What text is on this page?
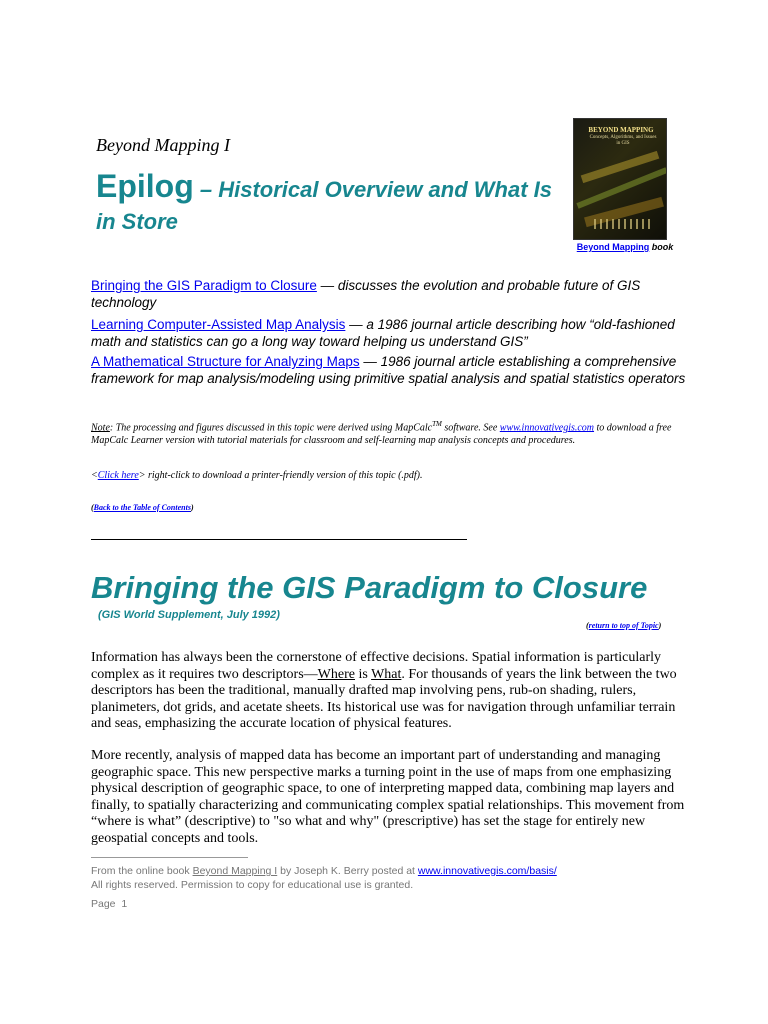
Beyond Mapping I
Epilog – Historical Overview and What Is in Store
BEYOND MAPPING
Concepts, Algorithms, and Issues in GIS
Beyond Mapping book
Bringing the GIS Paradigm to Closure — discusses the evolution and probable future of GIS technology
Learning Computer-Assisted Map Analysis — a 1986 journal article describing how “old-fashioned math and statistics can go a long way toward helping us understand GIS”
A Mathematical Structure for Analyzing Maps — 1986 journal article establishing a comprehensive framework for map analysis/modeling using primitive spatial analysis and spatial statistics operators
Note: The processing and figures discussed in this topic were derived using MapCalc™ software. See www.innovativegis.com to download a free MapCalc Learner version with tutorial materials for classroom and self-learning map analysis concepts and procedures.
<Click here> right-click to download a printer-friendly version of this topic (.pdf).
(Back to the Table of Contents)
Bringing the GIS Paradigm to Closure
(GIS World Supplement, July 1992)
(return to top of Topic)
Information has always been the cornerstone of effective decisions. Spatial information is particularly complex as it requires two descriptors—Where is What. For thousands of years the link between the two descriptors has been the traditional, manually drafted map involving pens, rub-on shading, rulers, planimeters, dot grids, and acetate sheets. Its historical use was for navigation through unfamiliar terrain and seas, emphasizing the accurate location of physical features.
More recently, analysis of mapped data has become an important part of understanding and managing geographic space. This new perspective marks a turning point in the use of maps from one emphasizing physical description of geographic space, to one of interpreting mapped data, combining map layers and finally, to spatially characterizing and communicating complex spatial relationships. This movement from “where is what” (descriptive) to "so what and why" (prescriptive) has set the stage for entirely new geospatial concepts and tools.
From the online book Beyond Mapping I by Joseph K. Berry posted at www.innovativegis.com/basis/
All rights reserved. Permission to copy for educational use is granted.
Page 1
